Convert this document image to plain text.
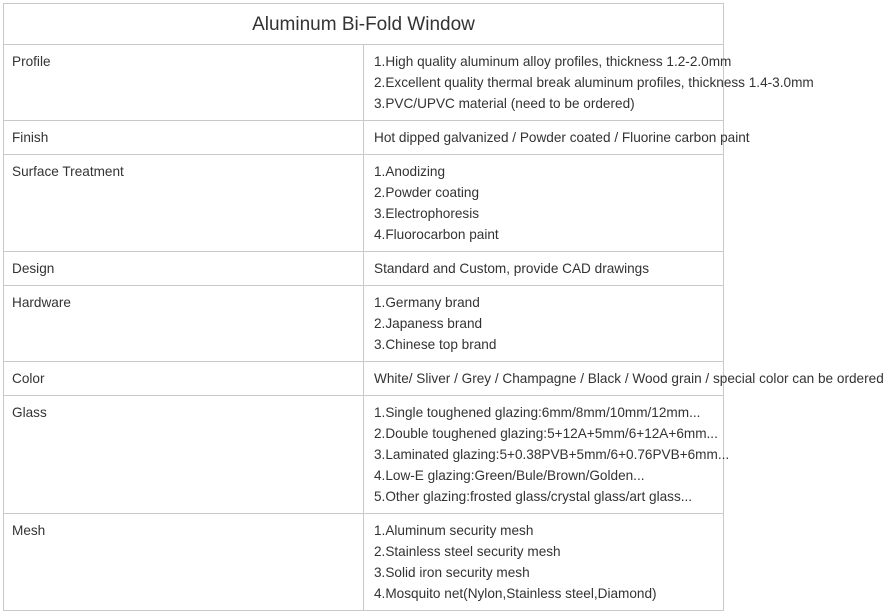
Aluminum Bi-Fold Window	
Profile	1.High quality aluminum alloy profiles, thickness 1.2-2.0mm
2.Excellent quality thermal break aluminum profiles, thickness 1.4-3.0mm
3.PVC/UPVC material (need to be ordered)

Finish	Hot dipped galvanized / Powder coated / Fluorine carbon paint

Surface Treatment	1.Anodizing
2.Powder coating
3.Electrophoresis
4.Fluorocarbon paint

Design	Standard and Custom, provide CAD drawings

Hardware	1.Germany brand
2.Japaness brand
3.Chinese top brand

Color	White/ Sliver / Grey / Champagne / Black / Wood grain / special color can be ordered

Glass	1.Single toughened glazing:6mm/8mm/10mm/12mm...
2.Double toughened glazing:5+12A+5mm/6+12A+6mm...
3.Laminated glazing:5+0.38PVB+5mm/6+0.76PVB+6mm...
4.Low-E glazing:Green/Bule/Brown/Golden...
5.Other glazing:frosted glass/crystal glass/art glass...

Mesh	1.Aluminum security mesh
2.Stainless steel security mesh
3.Solid iron security mesh
4.Mosquito net(Nylon,Stainless steel,Diamond)
